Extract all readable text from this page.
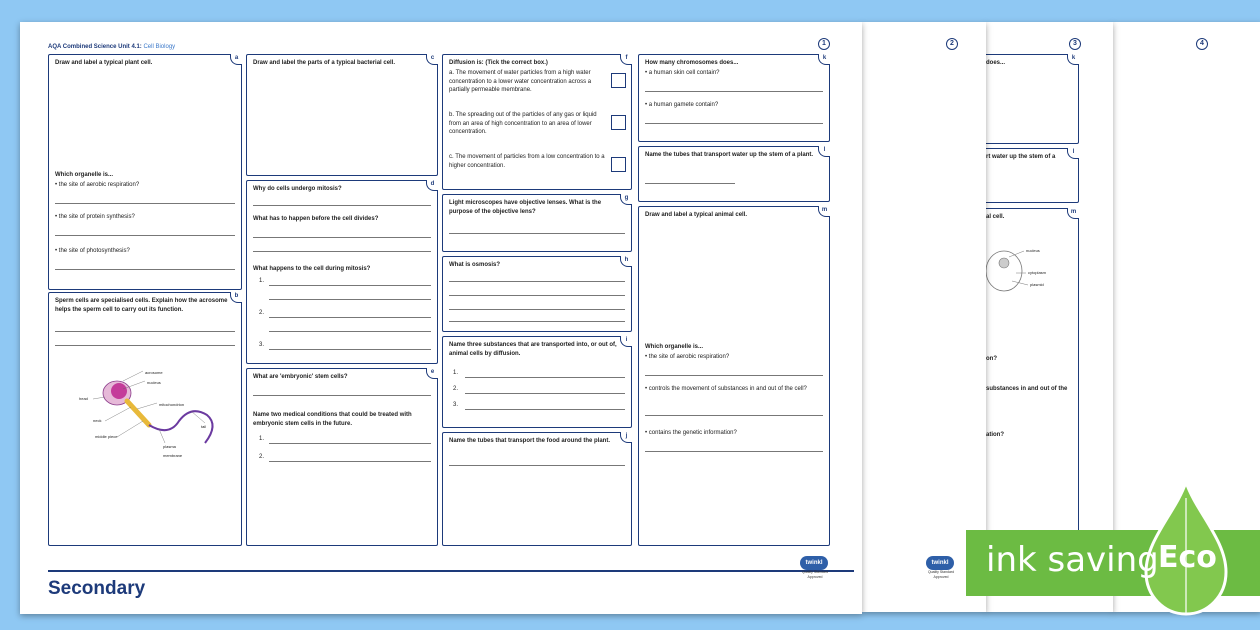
4
3
k
does...
l
rt water up the stem of a
m
al cell.
nucleus
cytoplasm
plasmid
on?
substances in and out of the
ation?
2
twinkl
Quality Standard Approved
1
AQA Combined Science Unit 4.1: Cell Biology
a
Draw and label a typical plant cell.
Which organelle is...
• the site of aerobic respiration?
• the site of protein synthesis?
• the site of photosynthesis?
b
Sperm cells are specialised cells. Explain how the acrosome helps the sperm cell to carry out its function.
acrosome
nucleus
mitochondrion
head
neck
middle piece
tail
plasma membrane
c
Draw and label the parts of a typical bacterial cell.
d
Why do cells undergo mitosis?
What has to happen before the cell divides?
What happens to the cell during mitosis?
1.
2.
3.
e
What are 'embryonic' stem cells?
Name two medical conditions that could be treated with embryonic stem cells in the future.
1.
2.
f
Diffusion is: (Tick the correct box.)
a. The movement of water particles from a high water concentration to a lower water concentration across a partially permeable membrane.
b. The spreading out of the particles of any gas or liquid from an area of high concentration to an area of lower concentration.
c. The movement of particles from a low concentration to a higher concentration.
g
Light microscopes have objective lenses. What is the purpose of the objective lens?
h
What is osmosis?
i
Name three substances that are transported into, or out of, animal cells by diffusion.
1.
2.
3.
j
Name the tubes that transport the food around the plant.
k
How many chromosomes does...
• a human skin cell contain?
• a human gamete contain?
l
Name the tubes that transport water up the stem of a plant.
m
Draw and label a typical animal cell.
Which organelle is...
• the site of aerobic respiration?
• controls the movement of substances in and out of the cell?
• contains the genetic information?
Secondary
twinkl
Quality Standard Approved	ink saving Eco
